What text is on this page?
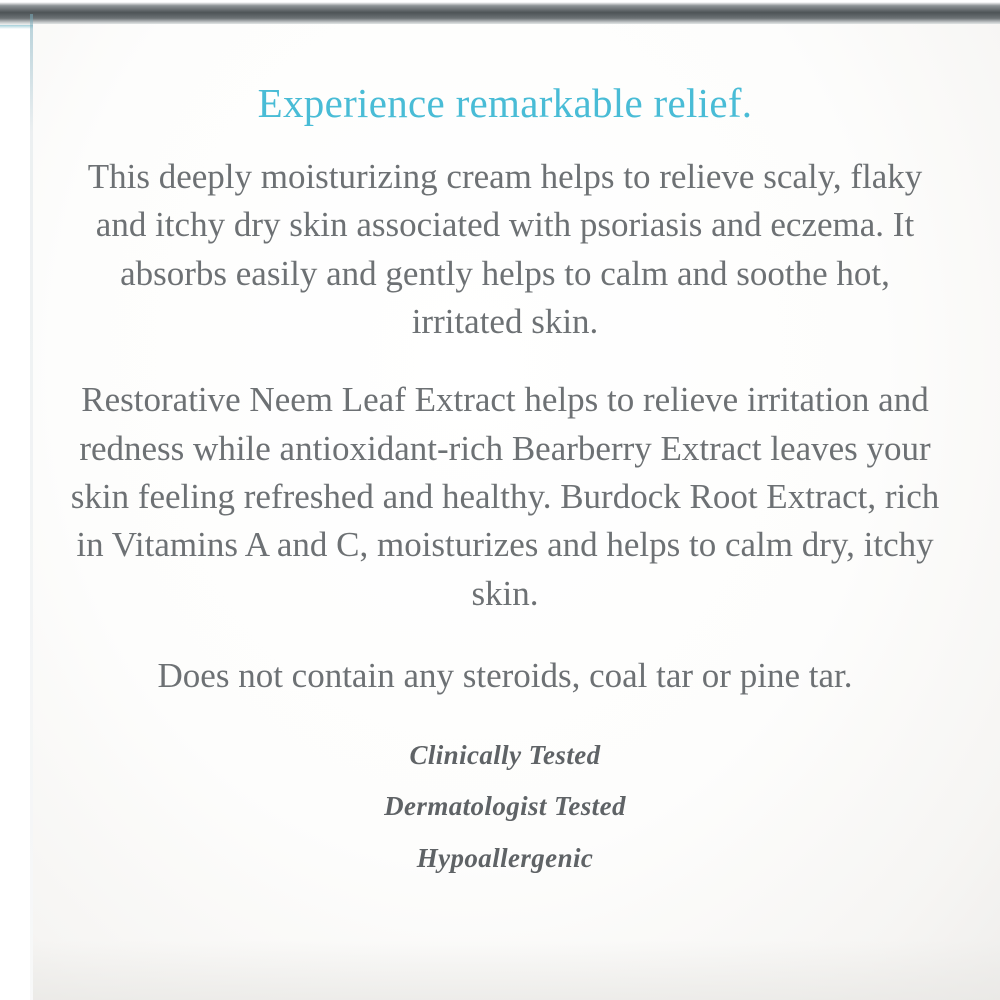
Experience remarkable relief.

This deeply moisturizing cream helps to relieve scaly, flaky and itchy dry skin associated with psoriasis and eczema. It absorbs easily and gently helps to calm and soothe hot, irritated skin.

Restorative Neem Leaf Extract helps to relieve irritation and redness while antioxidant-rich Bearberry Extract leaves your skin feeling refreshed and healthy. Burdock Root Extract, rich in Vitamins A and C, moisturizes and helps to calm dry, itchy skin.

Does not contain any steroids, coal tar or pine tar.

Clinically Tested
Dermatologist Tested
Hypoallergenic
